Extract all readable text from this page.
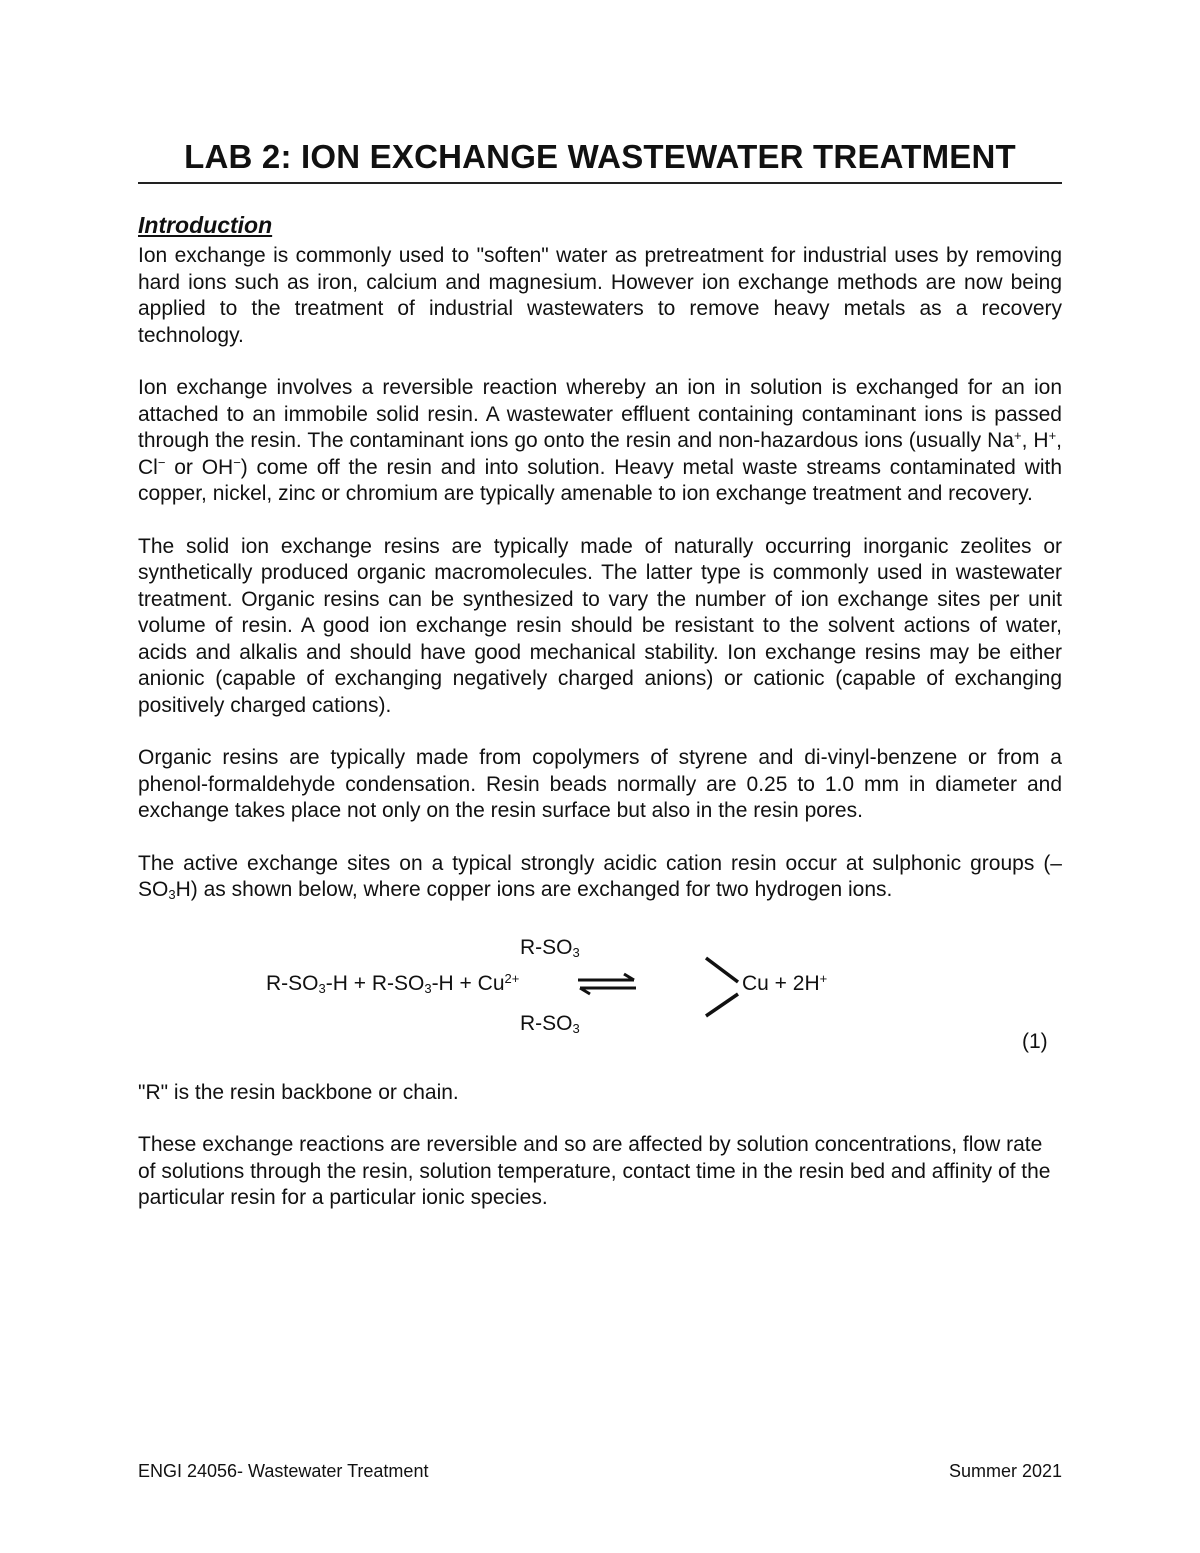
LAB 2: ION EXCHANGE WASTEWATER TREATMENT
Introduction

Ion exchange is commonly used to "soften" water as pretreatment for industrial uses by removing hard ions such as iron, calcium and magnesium. However ion exchange methods are now being applied to the treatment of industrial wastewaters to remove heavy metals as a recovery technology.

Ion exchange involves a reversible reaction whereby an ion in solution is exchanged for an ion attached to an immobile solid resin. A wastewater effluent containing contaminant ions is passed through the resin. The contaminant ions go onto the resin and non-hazardous ions (usually Na+, H+, Cl− or OH−) come off the resin and into solution. Heavy metal waste streams contaminated with copper, nickel, zinc or chromium are typically amenable to ion exchange treatment and recovery.

The solid ion exchange resins are typically made of naturally occurring inorganic zeolites or synthetically produced organic macromolecules. The latter type is commonly used in wastewater treatment. Organic resins can be synthesized to vary the number of ion exchange sites per unit volume of resin. A good ion exchange resin should be resistant to the solvent actions of water, acids and alkalis and should have good mechanical stability. Ion exchange resins may be either anionic (capable of exchanging negatively charged anions) or cationic (capable of exchanging positively charged cations).

Organic resins are typically made from copolymers of styrene and di-vinyl-benzene or from a phenol-formaldehyde condensation. Resin beads normally are 0.25 to 1.0 mm in diameter and exchange takes place not only on the resin surface but also in the resin pores.

The active exchange sites on a typical strongly acidic cation resin occur at sulphonic groups $(-SO_3H)$ as shown below, where copper ions are exchanged for two hydrogen ions.

$R-SO_3$
$R-SO_3-H + R-SO_3-H + Cu^{2+}$	Cu + 2H+
$R-SO_3$
(1)

"R" is the resin backbone or chain.

These exchange reactions are reversible and so are affected by solution concentrations, flow rate of solutions through the resin, solution temperature, contact time in the resin bed and affinity of the particular resin for a particular ionic species.

ENGI 24056- Wastewater Treatment	Summer 2021
